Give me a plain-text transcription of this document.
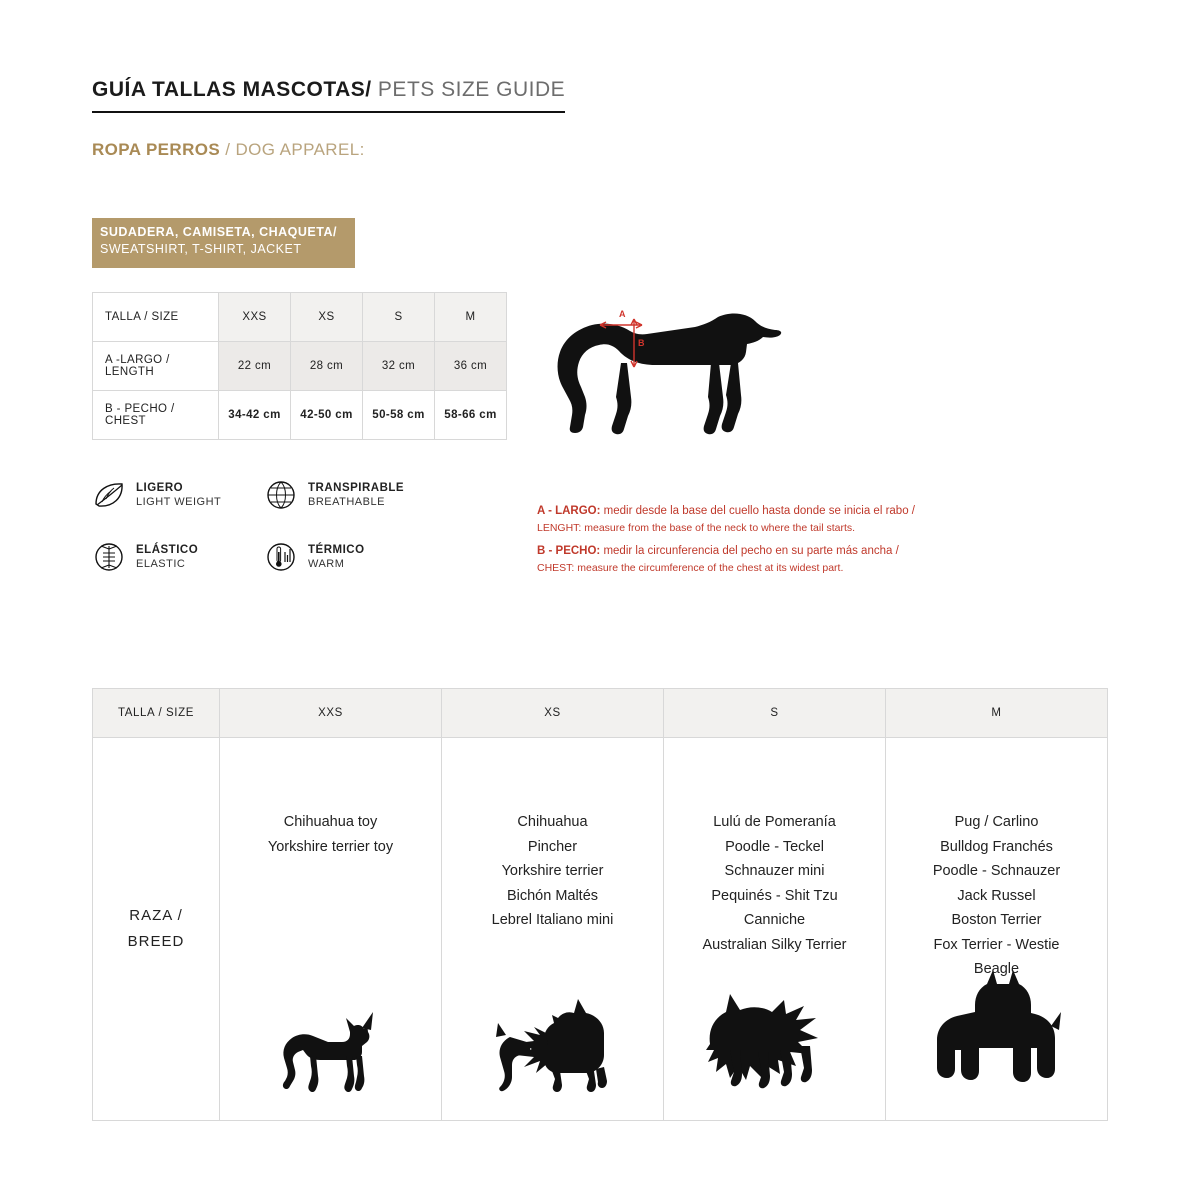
GUÍA TALLAS MASCOTAS/ PETS SIZE GUIDE
ROPA PERROS / DOG APPAREL:
SUDADERA, CAMISETA, CHAQUETA/
SWEATSHIRT, T-SHIRT, JACKET
TALLA / SIZE	XXS	XS	S	M
A -LARGO / LENGTH	22 cm	28 cm	32 cm	36 cm
B - PECHO / CHEST	34-42 cm	42-50 cm	50-58 cm	58-66 cm
LIGERO
LIGHT WEIGHT
TRANSPIRABLE
BREATHABLE
ELÁSTICO
ELASTIC
TÉRMICO
WARM
A
B

A - LARGO: medir desde la base del cuello hasta donde se inicia el rabo /
LENGHT: measure from the base of the neck to where the tail starts.

B - PECHO: medir la circunferencia del pecho en su parte más ancha /
CHEST: measure the circumference of the chest at its widest part.

TALLA / SIZE	XXS	XS	S	M

RAZA /
BREED

Chihuahua toy
Yorkshire terrier toy

Chihuahua
Pincher
Yorkshire terrier
Bichón Maltés
Lebrel Italiano mini

Lulú de Pomeranía
Poodle - Teckel
Schnauzer mini
Pequinés - Shit Tzu
Canniche
Australian Silky Terrier

Pug / Carlino
Bulldog Franchés
Poodle - Schnauzer
Jack Russel
Boston Terrier
Fox Terrier - Westie
Beagle
